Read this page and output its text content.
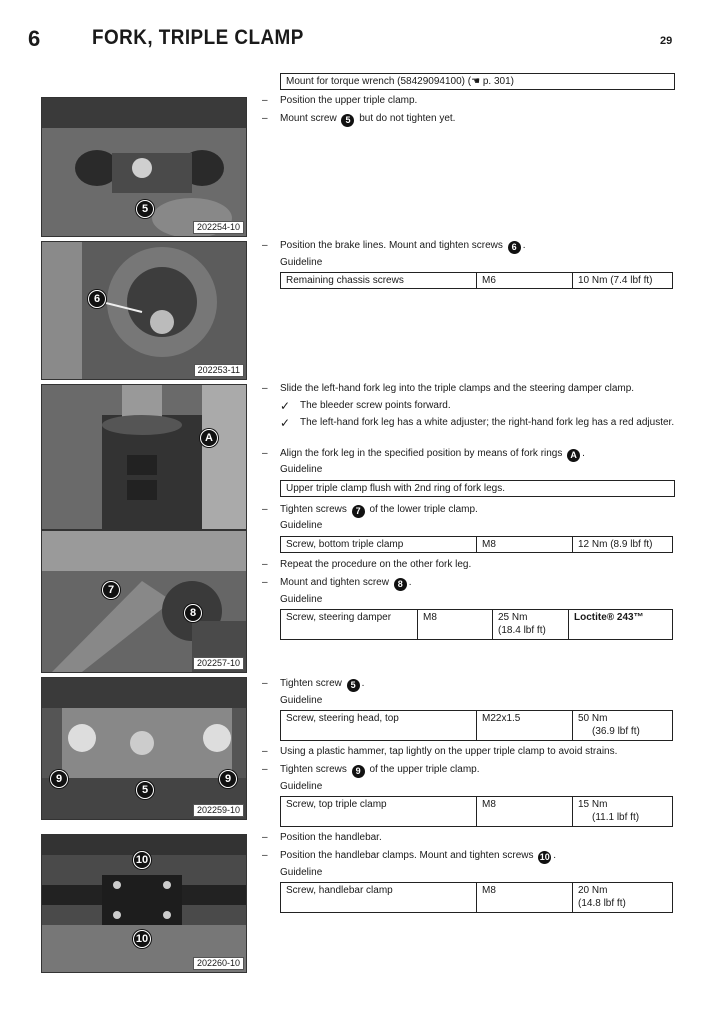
6 FORK, TRIPLE CLAMP	29
5
202254-10
6
202253-11
A
7
8
202257-10
9
5
9
202259-10
10
10
202260-10
Mount for torque wrench (58429094100) (☚ p. 301)
– Position the upper triple clamp.
– Mount screw 5 but do not tighten yet.
– Position the brake lines. Mount and tighten screws 6 .
Guideline
Remaining chassis screws	M6	10 Nm (7.4 lbf ft)
– Slide the left-hand fork leg into the triple clamps and the steering damper clamp.
✓ The bleeder screw points forward.
✓ The left-hand fork leg has a white adjuster; the right-hand fork leg has a red adjuster.
– Align the fork leg in the specified position by means of fork rings A .
Guideline
Upper triple clamp flush with 2nd ring of fork legs.
– Tighten screws 7 of the lower triple clamp.
Guideline
Screw, bottom triple clamp	M8	12 Nm (8.9 lbf ft)
– Repeat the procedure on the other fork leg.
– Mount and tighten screw 8 .
Guideline
Screw, steering damper	M8	25 Nm
(18.4 lbf ft)	Loctite® 243™
– Tighten screw 5 .
Guideline
Screw, steering head, top	M22x1.5	50 Nm
(36.9 lbf ft)
– Using a plastic hammer, tap lightly on the upper triple clamp to avoid strains.
– Tighten screws 9 of the upper triple clamp.
Guideline
Screw, top triple clamp	M8	15 Nm
(11.1 lbf ft)
– Position the handlebar.
– Position the handlebar clamps. Mount and tighten screws 10 .
Guideline
Screw, handlebar clamp	M8	20 Nm
(14.8 lbf ft)
